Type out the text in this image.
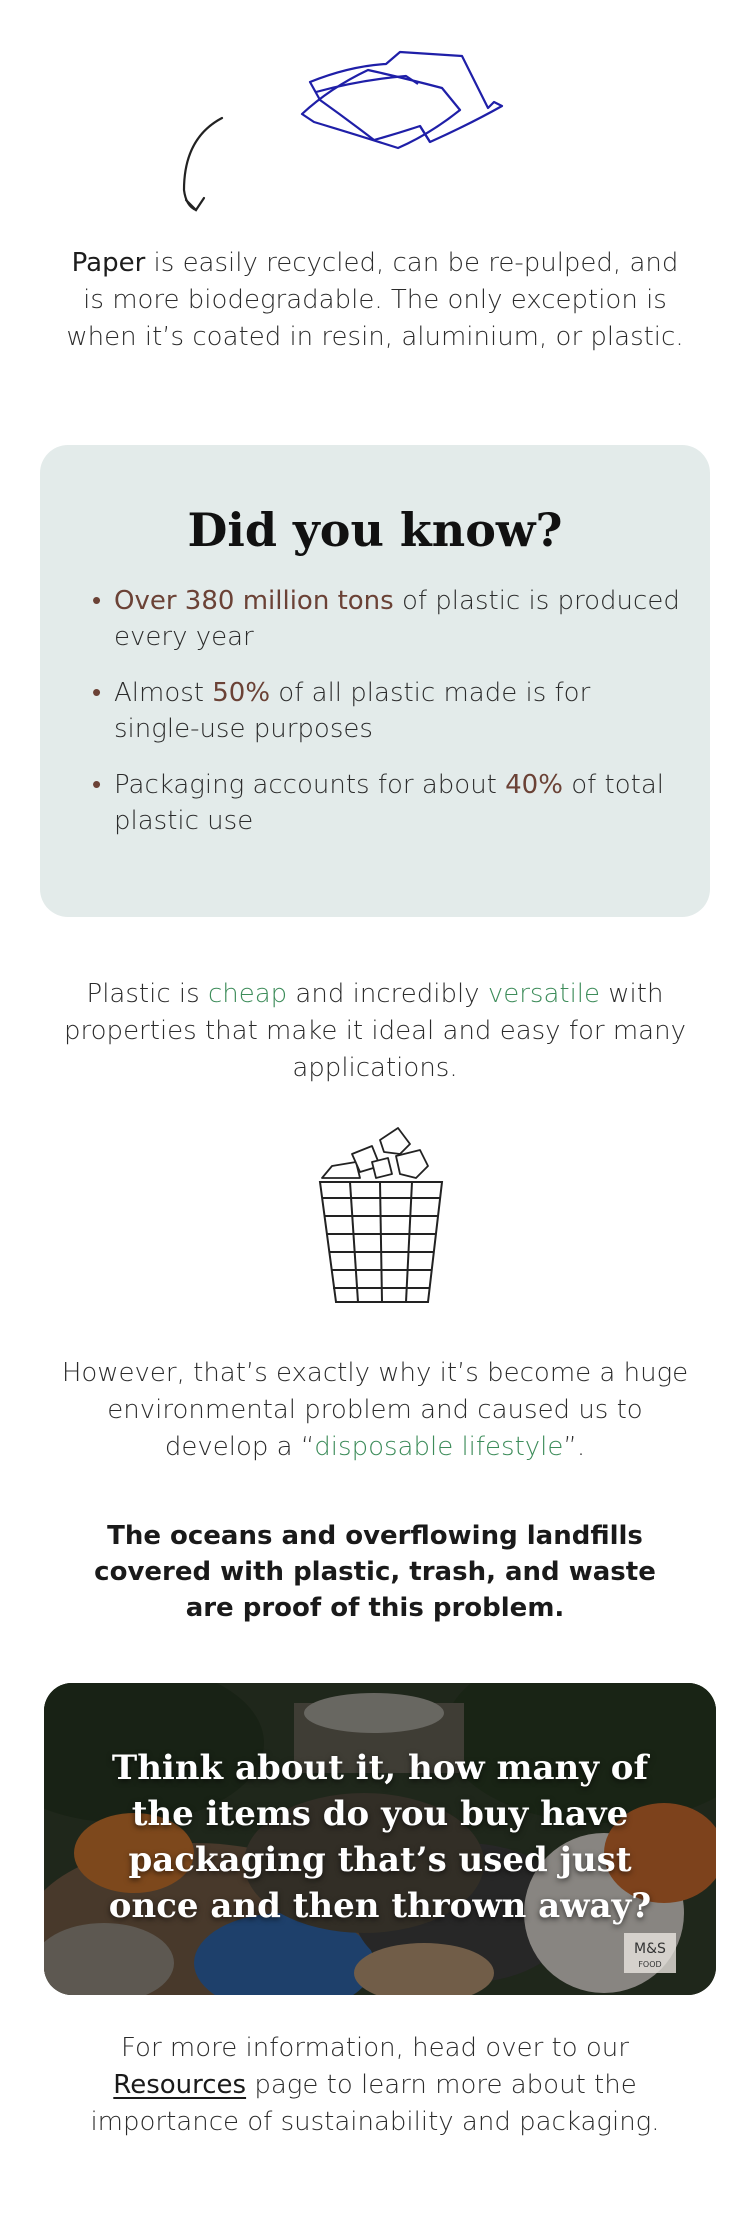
Paper is easily recycled, can be re-pulped, and is more biodegradable. The only exception is when it’s coated in resin, aluminium, or plastic.
Did you know?
• Over 380 million tons of plastic is produced every year
• Almost 50% of all plastic made is for single-use purposes
• Packaging accounts for about 40% of total plastic use
Plastic is cheap and incredibly versatile with properties that make it ideal and easy for many applications.
However, that’s exactly why it’s become a huge environmental problem and caused us to develop a “disposable lifestyle”.
The oceans and overflowing landfills covered with plastic, trash, and waste are proof of this problem.
M&S
FOOD
Think about it, how many of the items do you buy have packaging that’s used just once and then thrown away?
For more information, head over to our Resources page to learn more about the importance of sustainability and packaging.
